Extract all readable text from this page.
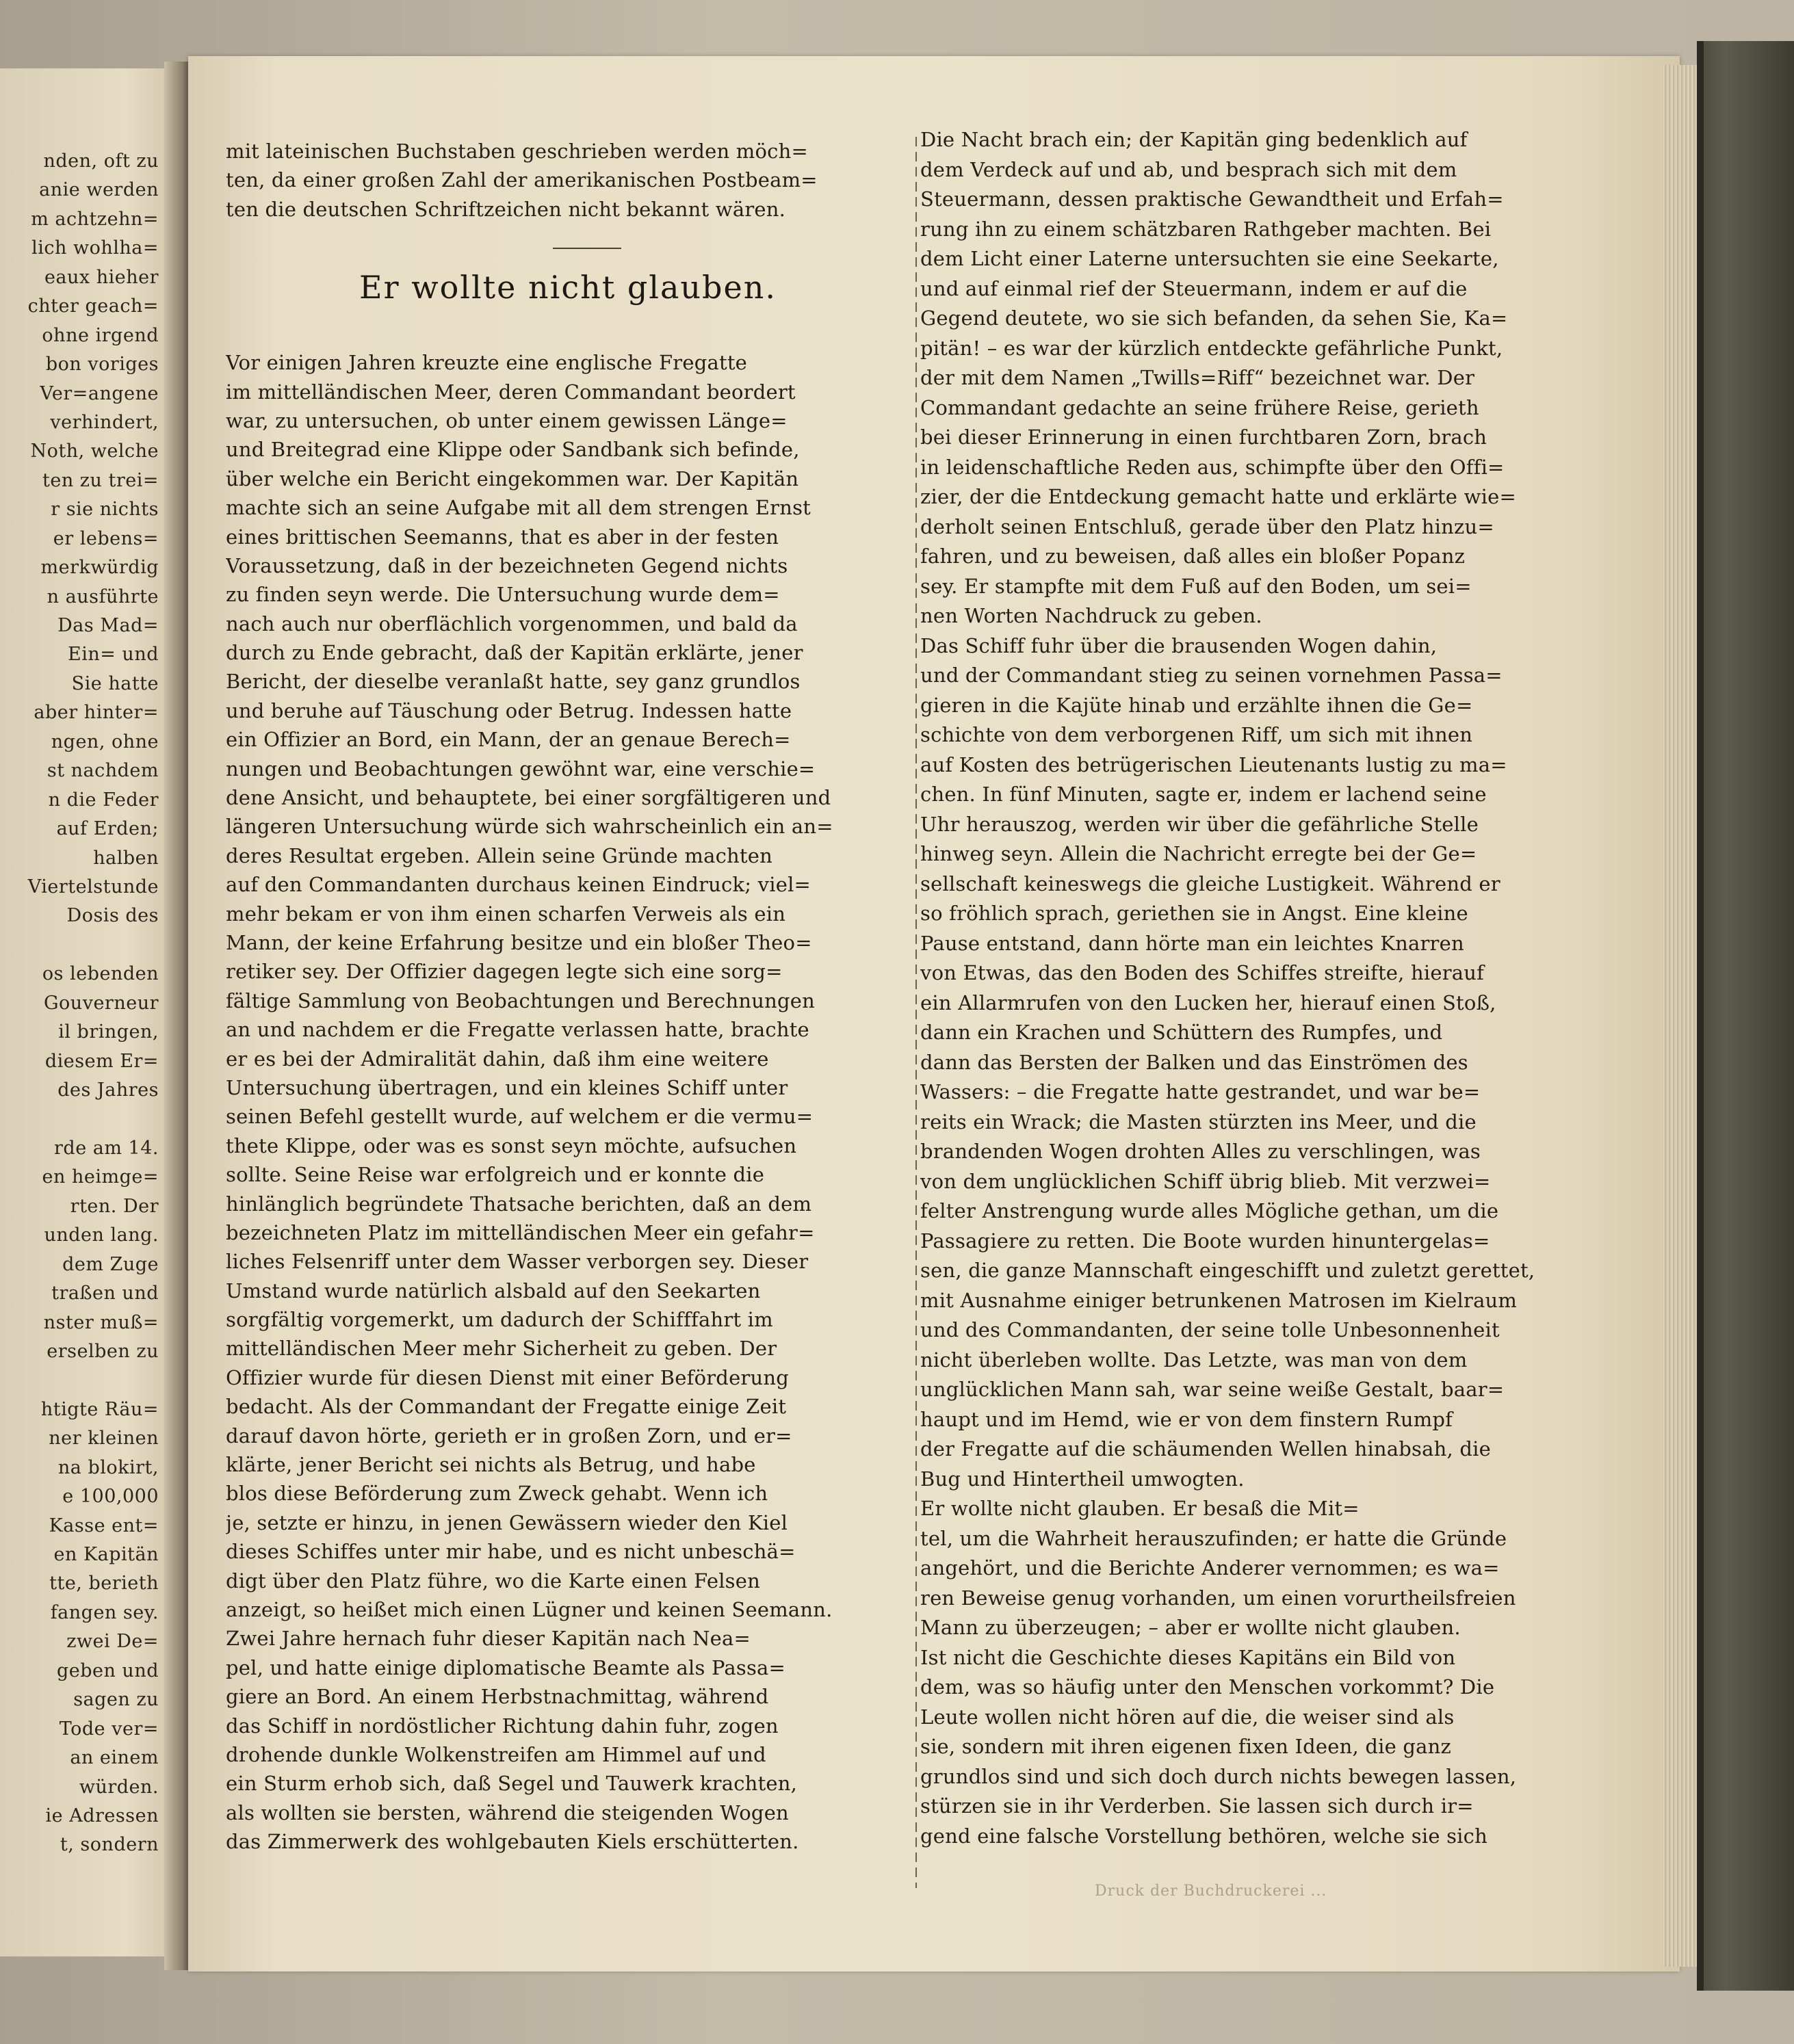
nden, oft zu
anie werden
m achtzehn=
lich wohlha=
eaux hieher
chter geach=
ohne irgend
bon voriges
Ver=angene
verhindert,
Noth, welche
ten zu trei=
r sie nichts
er lebens=
merkwürdig
n ausführte
Das Mad=
Ein= und
Sie hatte
aber hinter=
ngen, ohne
st nachdem
n die Feder
auf Erden;
halben
Viertelstunde
Dosis des
os lebenden
Gouverneur
il bringen,
diesem Er=
des Jahres
rde am 14.
en heimge=
rten. Der
unden lang.
dem Zuge
traßen und
nster muß=
erselben zu
htigte Räu=
ner kleinen
na blokirt,
e 100,000
Kasse ent=
en Kapitän
tte, berieth
fangen sey.
zwei De=
geben und
sagen zu
Tode ver=
an einem
würden.
ie Adressen
t, sondern
mit lateinischen Buchstaben geschrieben werden möch=
ten, da einer großen Zahl der amerikanischen Postbeam=
ten die deutschen Schriftzeichen nicht bekannt wären.
Vor einigen Jahren kreuzte eine englische Fregatte
im mittelländischen Meer, deren Commandant beordert
war, zu untersuchen, ob unter einem gewissen Länge=
und Breitegrad eine Klippe oder Sandbank sich befinde,
über welche ein Bericht eingekommen war. Der Kapitän
machte sich an seine Aufgabe mit all dem strengen Ernst
eines brittischen Seemanns, that es aber in der festen
Voraussetzung, daß in der bezeichneten Gegend nichts
zu finden seyn werde. Die Untersuchung wurde dem=
nach auch nur oberflächlich vorgenommen, und bald da
durch zu Ende gebracht, daß der Kapitän erklärte, jener
Bericht, der dieselbe veranlaßt hatte, sey ganz grundlos
und beruhe auf Täuschung oder Betrug. Indessen hatte
ein Offizier an Bord, ein Mann, der an genaue Berech=
nungen und Beobachtungen gewöhnt war, eine verschie=
dene Ansicht, und behauptete, bei einer sorgfältigeren und
längeren Untersuchung würde sich wahrscheinlich ein an=
deres Resultat ergeben. Allein seine Gründe machten
auf den Commandanten durchaus keinen Eindruck; viel=
mehr bekam er von ihm einen scharfen Verweis als ein
Mann, der keine Erfahrung besitze und ein bloßer Theo=
retiker sey. Der Offizier dagegen legte sich eine sorg=
fältige Sammlung von Beobachtungen und Berechnungen
an und nachdem er die Fregatte verlassen hatte, brachte
er es bei der Admiralität dahin, daß ihm eine weitere
Untersuchung übertragen, und ein kleines Schiff unter
seinen Befehl gestellt wurde, auf welchem er die vermu=
thete Klippe, oder was es sonst seyn möchte, aufsuchen
sollte. Seine Reise war erfolgreich und er konnte die
hinlänglich begründete Thatsache berichten, daß an dem
bezeichneten Platz im mittelländischen Meer ein gefahr=
liches Felsenriff unter dem Wasser verborgen sey. Dieser
Umstand wurde natürlich alsbald auf den Seekarten
sorgfältig vorgemerkt, um dadurch der Schifffahrt im
mittelländischen Meer mehr Sicherheit zu geben. Der
Offizier wurde für diesen Dienst mit einer Beförderung
bedacht. Als der Commandant der Fregatte einige Zeit
darauf davon hörte, gerieth er in großen Zorn, und er=
klärte, jener Bericht sei nichts als Betrug, und habe
blos diese Beförderung zum Zweck gehabt. Wenn ich
je, setzte er hinzu, in jenen Gewässern wieder den Kiel
dieses Schiffes unter mir habe, und es nicht unbeschä=
digt über den Platz führe, wo die Karte einen Felsen
anzeigt, so heißet mich einen Lügner und keinen Seemann.
Zwei Jahre hernach fuhr dieser Kapitän nach Nea=
pel, und hatte einige diplomatische Beamte als Passa=
giere an Bord. An einem Herbstnachmittag, während
das Schiff in nordöstlicher Richtung dahin fuhr, zogen
drohende dunkle Wolkenstreifen am Himmel auf und
ein Sturm erhob sich, daß Segel und Tauwerk krachten,
als wollten sie bersten, während die steigenden Wogen
das Zimmerwerk des wohlgebauten Kiels erschütterten.
Er wollte nicht glauben.
Die Nacht brach ein; der Kapitän ging bedenklich auf
dem Verdeck auf und ab, und besprach sich mit dem
Steuermann, dessen praktische Gewandtheit und Erfah=
rung ihn zu einem schätzbaren Rathgeber machten. Bei
dem Licht einer Laterne untersuchten sie eine Seekarte,
und auf einmal rief der Steuermann, indem er auf die
Gegend deutete, wo sie sich befanden, da sehen Sie, Ka=
pitän! – es war der kürzlich entdeckte gefährliche Punkt,
der mit dem Namen „Twills=Riff“ bezeichnet war. Der
Commandant gedachte an seine frühere Reise, gerieth
bei dieser Erinnerung in einen furchtbaren Zorn, brach
in leidenschaftliche Reden aus, schimpfte über den Offi=
zier, der die Entdeckung gemacht hatte und erklärte wie=
derholt seinen Entschluß, gerade über den Platz hinzu=
fahren, und zu beweisen, daß alles ein bloßer Popanz
sey. Er stampfte mit dem Fuß auf den Boden, um sei=
nen Worten Nachdruck zu geben.
Das Schiff fuhr über die brausenden Wogen dahin,
und der Commandant stieg zu seinen vornehmen Passa=
gieren in die Kajüte hinab und erzählte ihnen die Ge=
schichte von dem verborgenen Riff, um sich mit ihnen
auf Kosten des betrügerischen Lieutenants lustig zu ma=
chen. In fünf Minuten, sagte er, indem er lachend seine
Uhr herauszog, werden wir über die gefährliche Stelle
hinweg seyn. Allein die Nachricht erregte bei der Ge=
sellschaft keineswegs die gleiche Lustigkeit. Während er
so fröhlich sprach, geriethen sie in Angst. Eine kleine
Pause entstand, dann hörte man ein leichtes Knarren
von Etwas, das den Boden des Schiffes streifte, hierauf
ein Allarmrufen von den Lucken her, hierauf einen Stoß,
dann ein Krachen und Schüttern des Rumpfes, und
dann das Bersten der Balken und das Einströmen des
Wassers: – die Fregatte hatte gestrandet, und war be=
reits ein Wrack; die Masten stürzten ins Meer, und die
brandenden Wogen drohten Alles zu verschlingen, was
von dem unglücklichen Schiff übrig blieb. Mit verzwei=
felter Anstrengung wurde alles Mögliche gethan, um die
Passagiere zu retten. Die Boote wurden hinuntergelas=
sen, die ganze Mannschaft eingeschifft und zuletzt gerettet,
mit Ausnahme einiger betrunkenen Matrosen im Kielraum
und des Commandanten, der seine tolle Unbesonnenheit
nicht überleben wollte. Das Letzte, was man von dem
unglücklichen Mann sah, war seine weiße Gestalt, baar=
haupt und im Hemd, wie er von dem finstern Rumpf
der Fregatte auf die schäumenden Wellen hinabsah, die
Bug und Hintertheil umwogten.
Er wollte nicht glauben. Er besaß die Mit=
tel, um die Wahrheit herauszufinden; er hatte die Gründe
angehört, und die Berichte Anderer vernommen; es wa=
ren Beweise genug vorhanden, um einen vorurtheilsfreien
Mann zu überzeugen; – aber er wollte nicht glauben.
Ist nicht die Geschichte dieses Kapitäns ein Bild von
dem, was so häufig unter den Menschen vorkommt? Die
Leute wollen nicht hören auf die, die weiser sind als
sie, sondern mit ihren eigenen fixen Ideen, die ganz
grundlos sind und sich doch durch nichts bewegen lassen,
stürzen sie in ihr Verderben. Sie lassen sich durch ir=
gend eine falsche Vorstellung bethören, welche sie sich
Druck der Buchdruckerei ...
